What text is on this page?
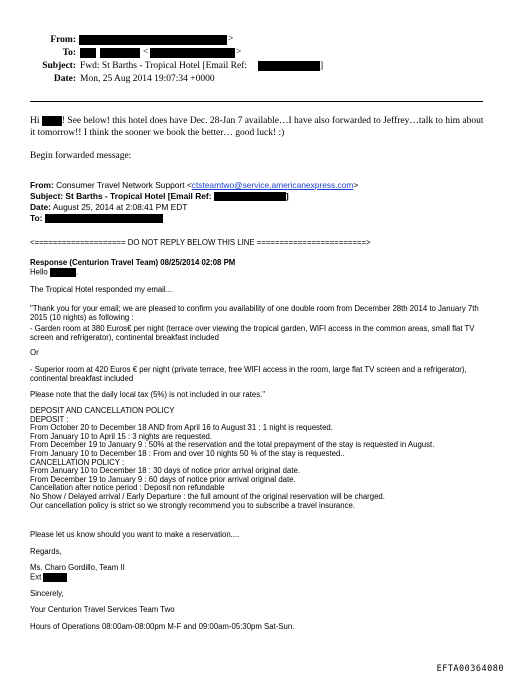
From:	>
To:	<	>
Subject: Fwd: St Barths - Tropical Hotel [Email Ref:	]
Date: Mon, 25 Aug 2014 19:07:34 +0000
Hi ! See below! this hotel does have Dec. 28-Jan 7 available…I have also forwarded to Jeffrey…talk to him about it tomorrow!! I think the sooner we book the better… good luck! :)
Begin forwarded message:
From: Consumer Travel Network Support <ctsteamtwo@service.americanexpress.com>
Subject: St Barths - Tropical Hotel [Email Ref:	]
Date: August 25, 2014 at 2:08:41 PM EDT
To:
<==================== DO NOT REPLY BELOW THIS LINE ========================>

Response (Centurion Travel Team) 08/25/2014 02:08 PM

Hello	.

The Tropical Hotel responded my email...
"Thank you for your email; we are pleased to confirm you availability of one double room from December 28th 2014 to January 7th 2015 (10 nights) as following :
- Garden room at 380 Euros€ per night (terrace over viewing the tropical garden, WIFI access in the common areas, small flat TV screen and refrigerator), continental breakfast included
Or
- Superior room at 420 Euros € per night (private terrace, free WIFI access in the room, large flat TV screen and a refrigerator), continental breakfast included
Please note that the daily local tax (5%) is not included in our rates."

DEPOSIT AND CANCELLATION POLICY

DEPOSIT :

From October 20 to December 18 AND from April 16 to August 31 : 1 night is requested.

From January 10 to April 15 : 3 nights are requested.

From December 19 to January 9 : 50% at the reservation and the total prepayment of the stay is requested in August.

From January 10 to December 18 : From and over 10 nights 50 % of the stay is requested..

CANCELLATION POLICY :

From January 10 to December 18 : 30 days of notice prior arrival original date.

From December 19 to January 9 : 60 days of notice prior arrival original date.

Cancellation after notice period : Deposit non refundable

No Show / Delayed arrival / Early Departure : the full amount of the original reservation will be charged.

Our cancellation policy is strict so we strongly recommend you to subscribe a travel insurance.

Please let us know should you want to make a reservation....
Regards,

Ms. Charo Gordillo, Team II

Ext

Sincerely,
Your Centurion Travel Services Team Two
Hours of Operations 08:00am-08:00pm M-F and 09:00am-05:30pm Sat-Sun.
EFTA00364080
